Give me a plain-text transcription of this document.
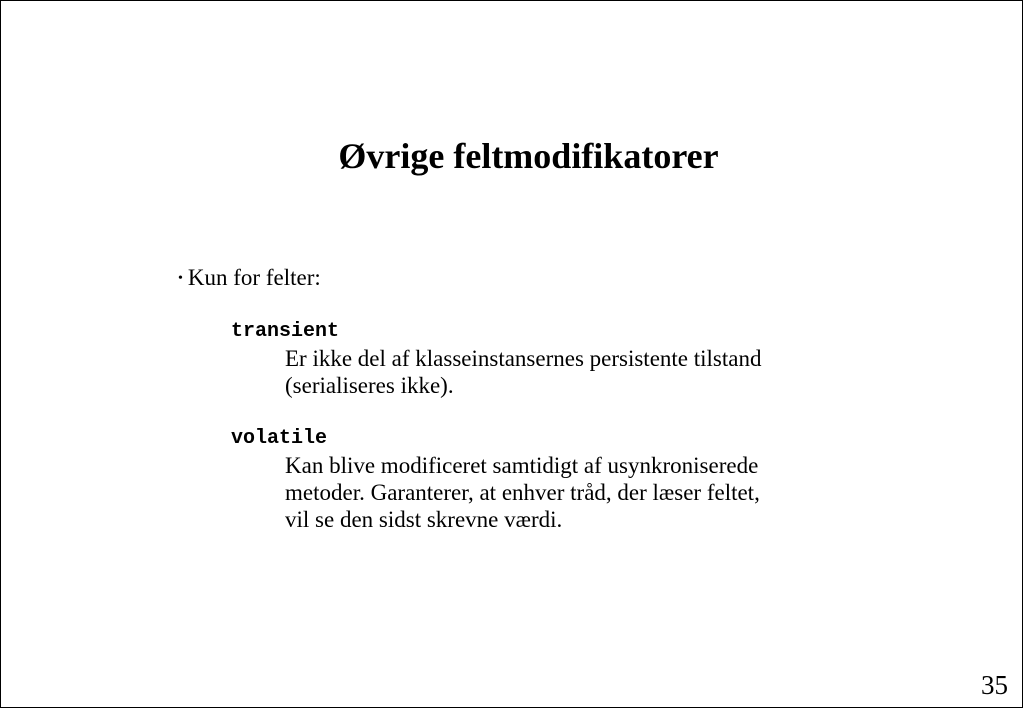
Øvrige feltmodifikatorer
• Kun for felter:
transient
Er ikke del af klasseinstansernes persistente tilstand
(serialiseres ikke).
volatile
Kan blive modificeret samtidigt af usynkroniserede
metoder. Garanterer, at enhver tråd, der læser feltet,
vil se den sidst skrevne værdi.
35
